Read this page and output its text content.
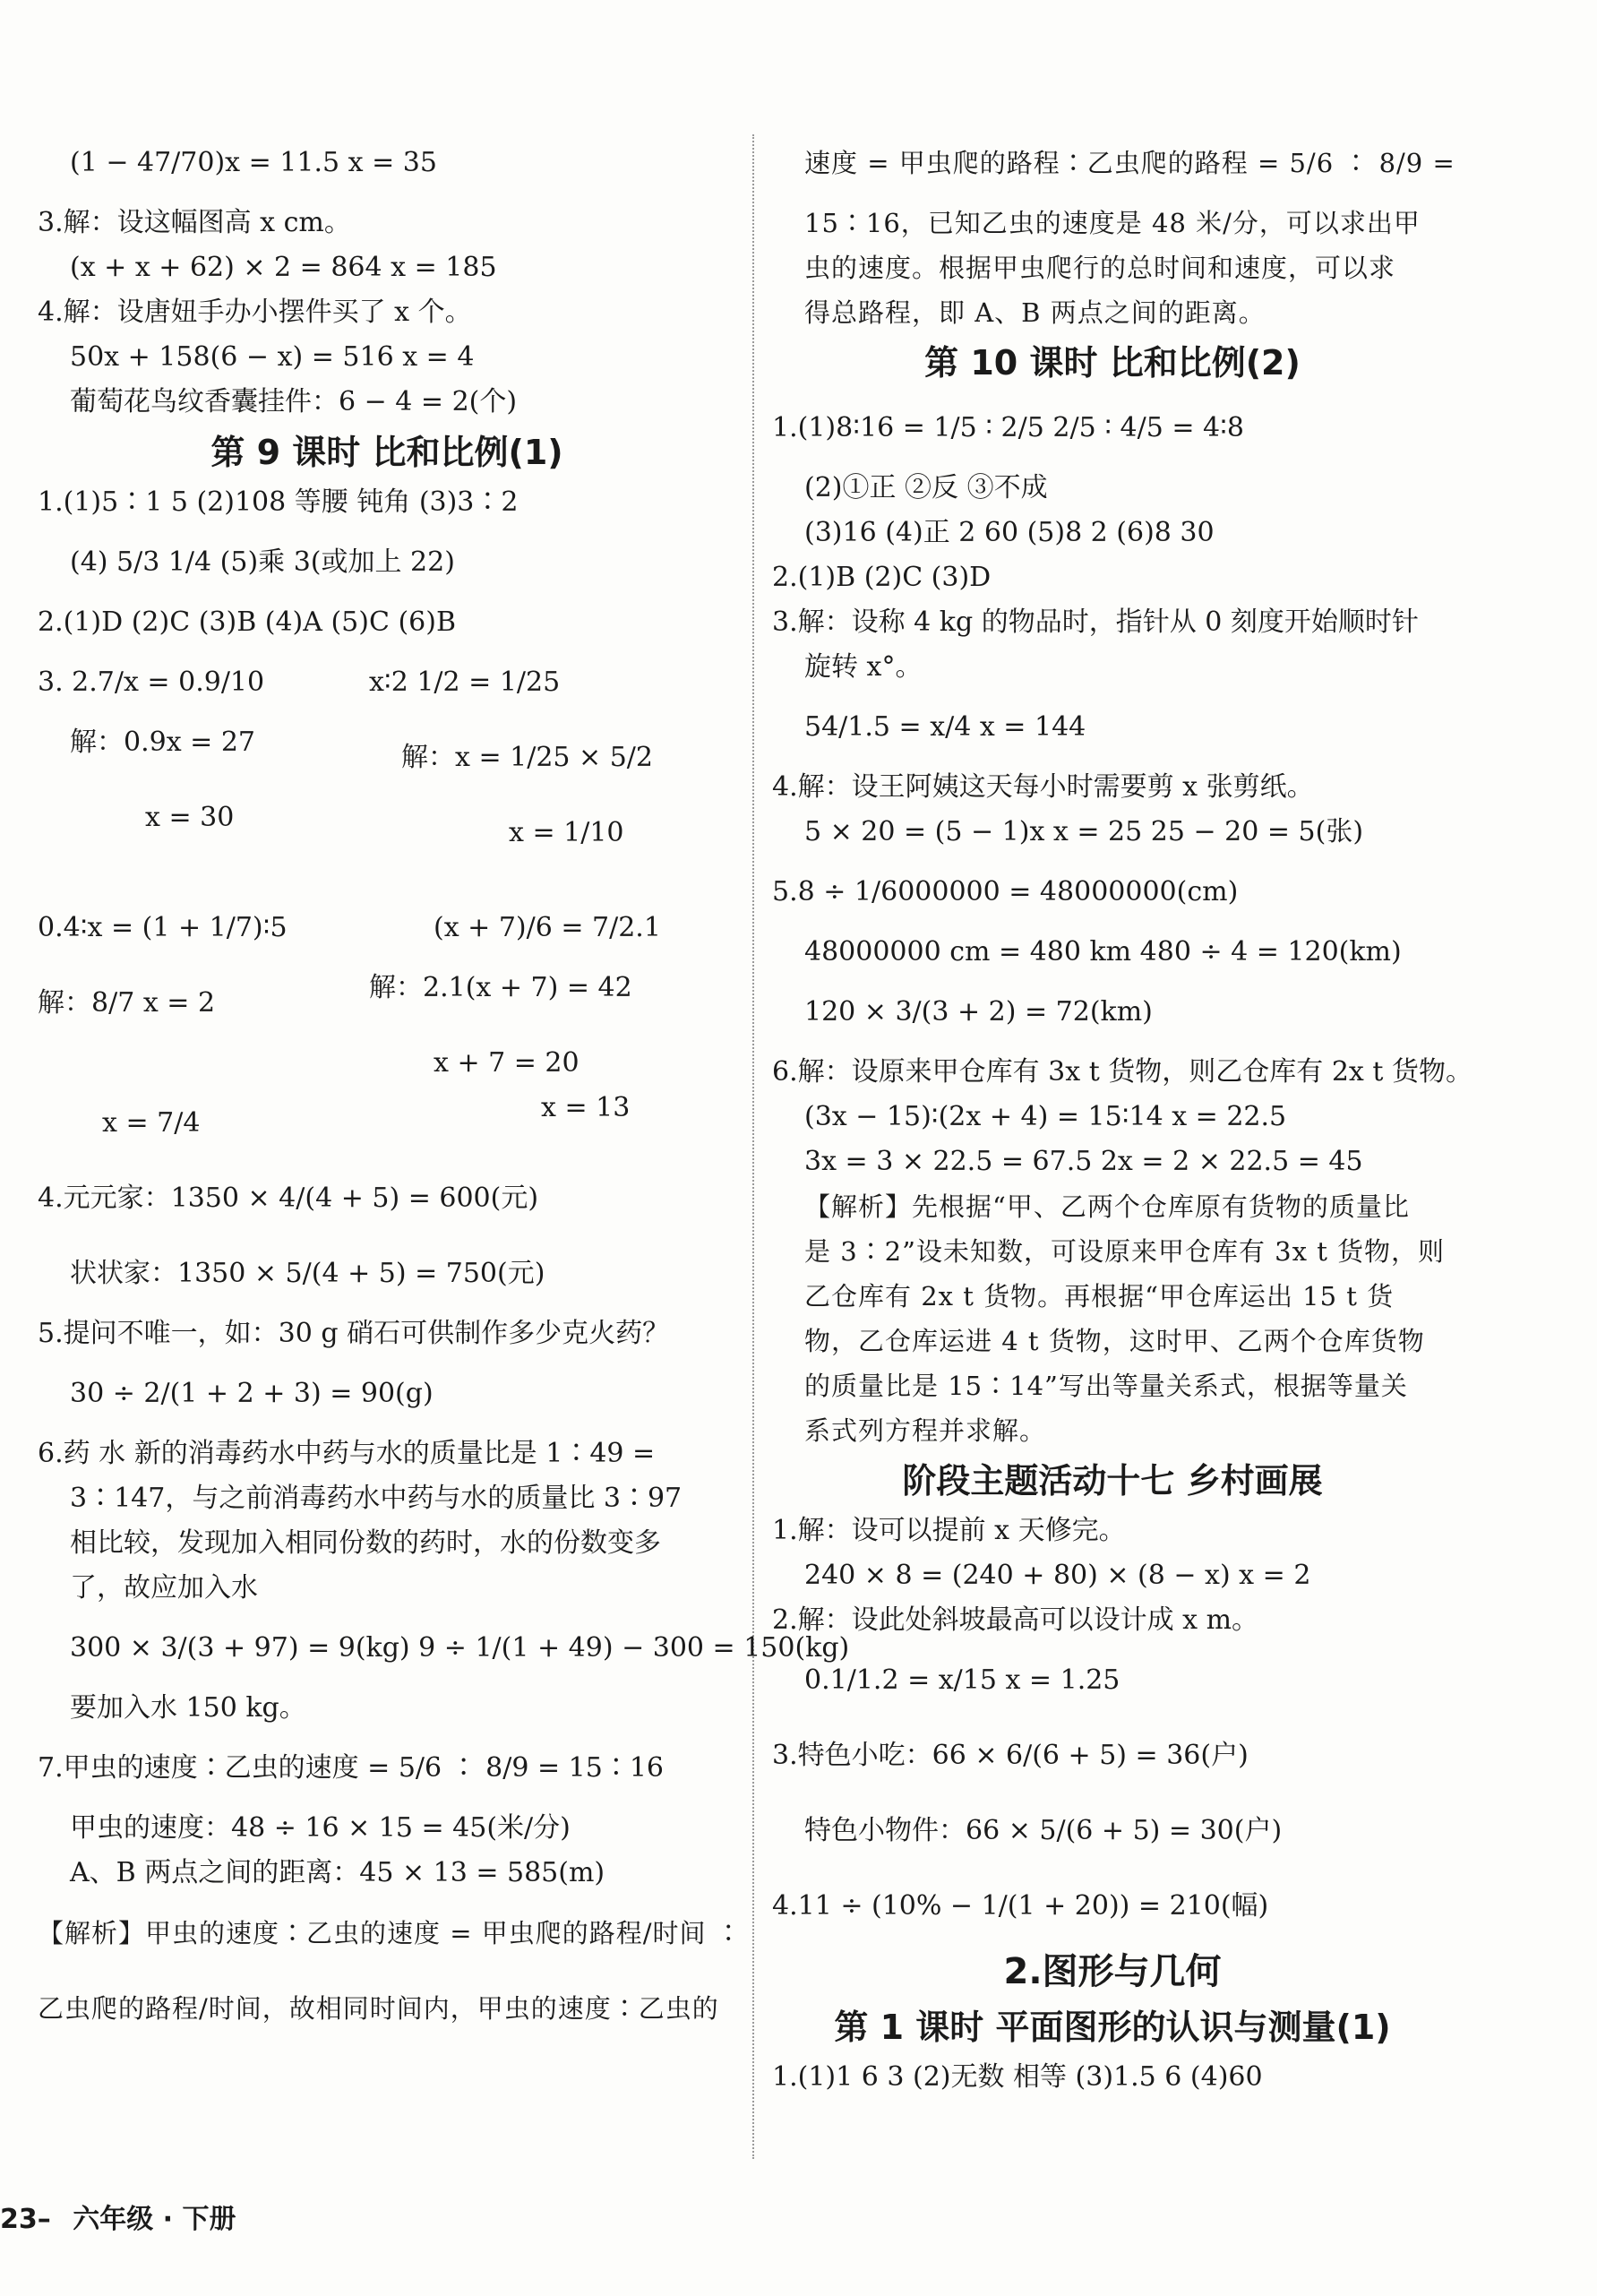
(1 − 47/70)x = 11.5 x = 35
3.解：设这幅图高 x cm。
(x + x + 62) × 2 = 864 x = 185
4.解：设唐妞手办小摆件买了 x 个。
50x + 158(6 − x) = 516 x = 4
葡萄花鸟纹香囊挂件：6 − 4 = 2(个)
第 9 课时 比和比例(1)
1.(1)5∶1 5 (2)108 等腰 钝角 (3)3∶2
(4) 5/3 1/4 (5)乘 3(或加上 22)
2.(1)D (2)C (3)B (4)A (5)C (6)B
3. 2.7/x = 0.9/10	x∶2 1/2 = 1/25
解：0.9x = 27	解：x = 1/25 × 5/2
x = 30	x = 1/10
0.4∶x = (1 + 1/7)∶5	(x + 7)/6 = 7/2.1
解：8/7 x = 2	解：2.1(x + 7) = 42
x + 7 = 20
x = 7/4	x = 13
4.元元家：1350 × 4/(4 + 5) = 600(元)
状状家：1350 × 5/(4 + 5) = 750(元)
5.提问不唯一，如：30 g 硝石可供制作多少克火药？
30 ÷ 2/(1 + 2 + 3) = 90(g)
6.药 水 新的消毒药水中药与水的质量比是 1∶49 =
3∶147，与之前消毒药水中药与水的质量比 3∶97
相比较，发现加入相同份数的药时，水的份数变多
了，故应加入水
300 × 3/(3 + 97) = 9(kg) 9 ÷ 1/(1 + 49) − 300 = 150(kg)
要加入水 150 kg。
7.甲虫的速度∶乙虫的速度 = 5/6 ∶ 8/9 = 15∶16
甲虫的速度：48 ÷ 16 × 15 = 45(米/分)
A、B 两点之间的距离：45 × 13 = 585(m)
【解析】甲虫的速度∶乙虫的速度 = 甲虫爬的路程/时间 ∶
乙虫爬的路程/时间，故相同时间内，甲虫的速度∶乙虫的
速度 = 甲虫爬的路程∶乙虫爬的路程 = 5/6 ∶ 8/9 =
15∶16，已知乙虫的速度是 48 米/分，可以求出甲
虫的速度。根据甲虫爬行的总时间和速度，可以求
得总路程，即 A、B 两点之间的距离。
第 10 课时 比和比例(2)
1.(1)8∶16 = 1/5 ∶ 2/5 2/5 ∶ 4/5 = 4∶8
(2)①正 ②反 ③不成
(3)16 (4)正 2 60 (5)8 2 (6)8 30
2.(1)B (2)C (3)D
3.解：设称 4 kg 的物品时，指针从 0 刻度开始顺时针
旋转 x°。
54/1.5 = x/4 x = 144
4.解：设王阿姨这天每小时需要剪 x 张剪纸。
5 × 20 = (5 − 1)x x = 25 25 − 20 = 5(张)
5.8 ÷ 1/6000000 = 48000000(cm)
48000000 cm = 480 km 480 ÷ 4 = 120(km)
120 × 3/(3 + 2) = 72(km)
6.解：设原来甲仓库有 3x t 货物，则乙仓库有 2x t 货物。
(3x − 15)∶(2x + 4) = 15∶14 x = 22.5
3x = 3 × 22.5 = 67.5 2x = 2 × 22.5 = 45
【解析】先根据“甲、乙两个仓库原有货物的质量比
是 3∶2”设未知数，可设原来甲仓库有 3x t 货物，则
乙仓库有 2x t 货物。再根据“甲仓库运出 15 t 货
物，乙仓库运进 4 t 货物，这时甲、乙两个仓库货物
的质量比是 15∶14”写出等量关系式，根据等量关
系式列方程并求解。
阶段主题活动十七 乡村画展
1.解：设可以提前 x 天修完。
240 × 8 = (240 + 80) × (8 − x) x = 2
2.解：设此处斜坡最高可以设计成 x m。
0.1/1.2 = x/15 x = 1.25
3.特色小吃：66 × 6/(6 + 5) = 36(户)
特色小物件：66 × 5/(6 + 5) = 30(户)
4.11 ÷ (10% − 1/(1 + 20)) = 210(幅)
2.图形与几何
第 1 课时 平面图形的认识与测量(1)
1.(1)1 6 3 (2)无数 相等 (3)1.5 6 (4)60
23– 六年级 · 下册
